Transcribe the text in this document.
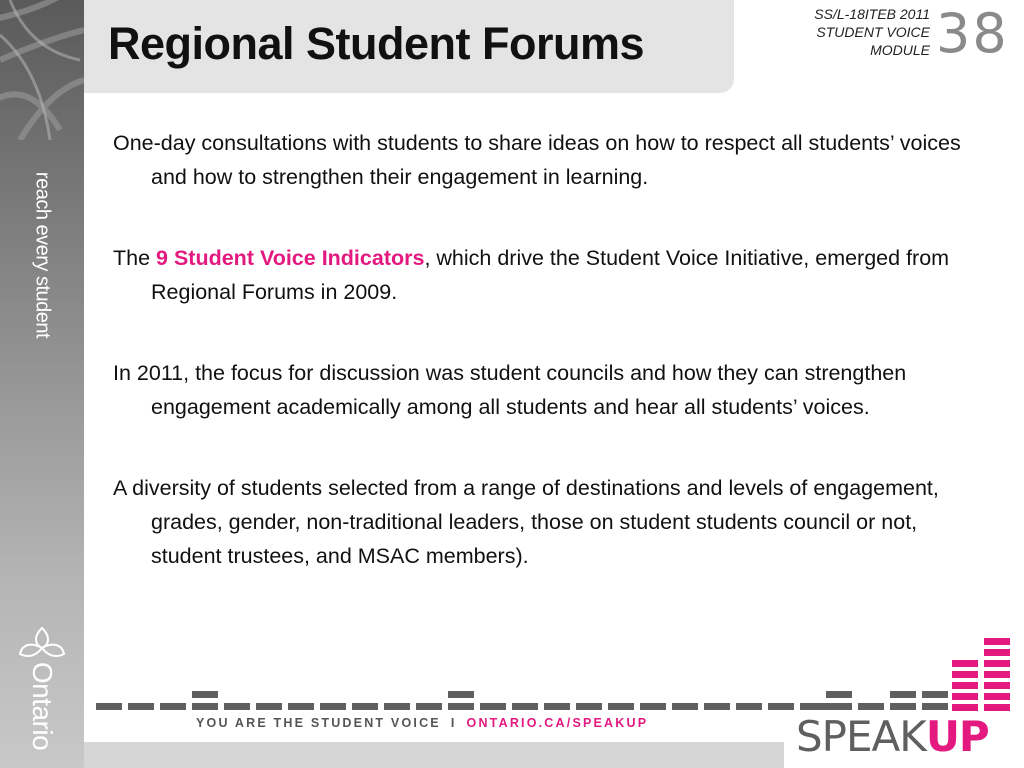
reach every student
Ontario
Regional Student Forums
SS/L-18ITEB 2011
STUDENT VOICE
MODULE 38

One-day consultations with students to share ideas on how to respect all students’ voices and how to strengthen their engagement in learning.

The 9 Student Voice Indicators, which drive the Student Voice Initiative, emerged from Regional Forums in 2009.

In 2011, the focus for discussion was student councils and how they can strengthen engagement academically among all students and hear all students’ voices.

A diversity of students selected from a range of destinations and levels of engagement, grades, gender, non-traditional leaders, those on student students council or not, student trustees, and MSAC members).

YOU ARE THE STUDENT VOICE I ONTARIO.CA/SPEAKUP	SPEAKUP
